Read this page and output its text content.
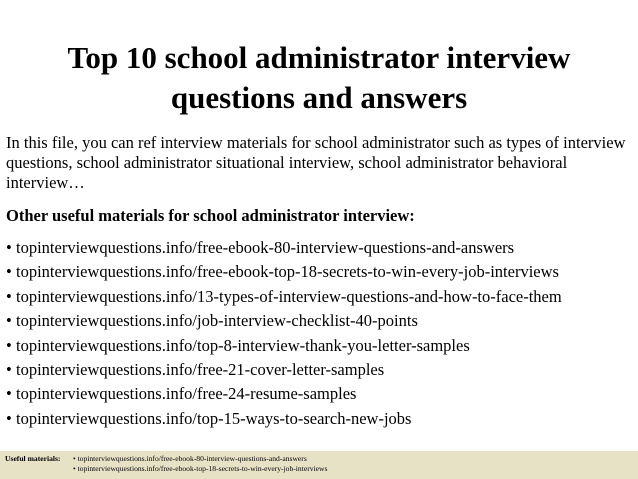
Top 10 school administrator interview
questions and answers

In this file, you can ref interview materials for school administrator such as types of interview questions, school administrator situational interview, school administrator behavioral interview…

Other useful materials for school administrator interview:

• topinterviewquestions.info/free-ebook-80-interview-questions-and-answers
• topinterviewquestions.info/free-ebook-top-18-secrets-to-win-every-job-interviews
• topinterviewquestions.info/13-types-of-interview-questions-and-how-to-face-them
• topinterviewquestions.info/job-interview-checklist-40-points
• topinterviewquestions.info/top-8-interview-thank-you-letter-samples
• topinterviewquestions.info/free-21-cover-letter-samples
• topinterviewquestions.info/free-24-resume-samples
• topinterviewquestions.info/top-15-ways-to-search-new-jobs
Useful materials: • topinterviewquestions.info/free-ebook-80-interview-questions-and-answers
• topinterviewquestions.info/free-ebook-top-18-secrets-to-win-every-job-interviews
